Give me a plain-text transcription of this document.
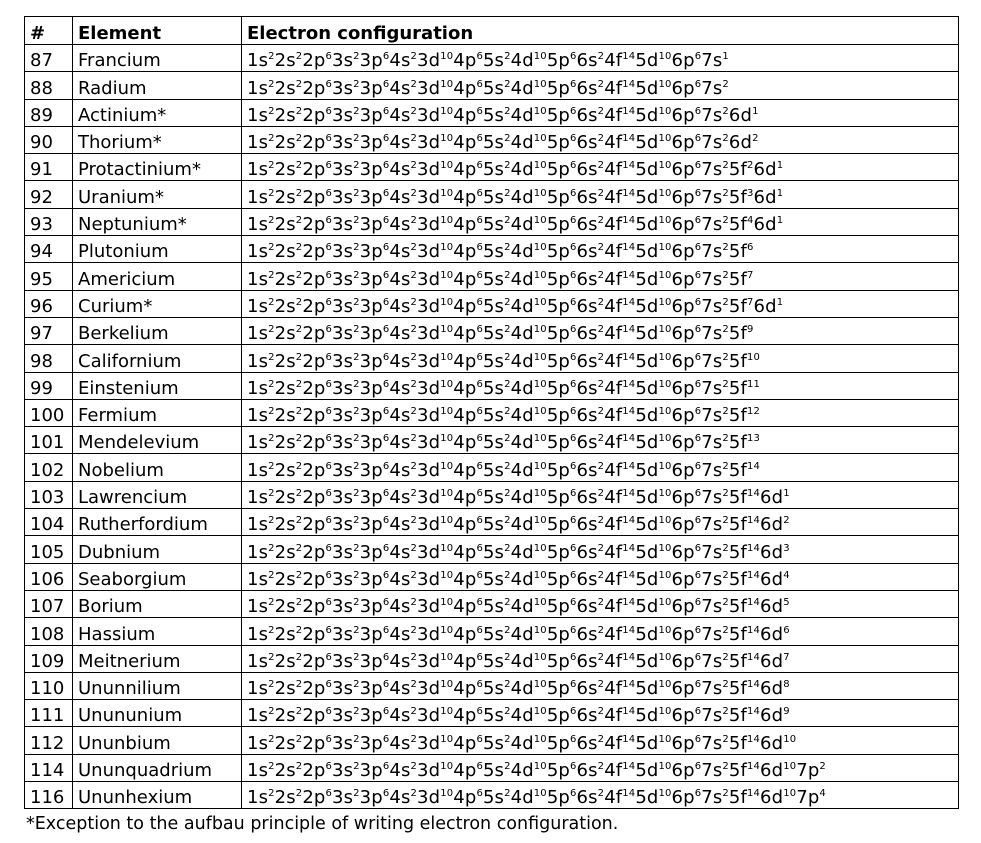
#	Element	Electron configuration
87	Francium	$1s^22s^22p^63s^23p^64s^23d^{10}4p^65s^24d^{10}5p^66s^24f^{14}5d^{10}6p^67s^1$
88	Radium	$1s^22s^22p^63s^23p^64s^23d^{10}4p^65s^24d^{10}5p^66s^24f^{14}5d^{10}6p^67s^2$
89	Actinium*	$1s^22s^22p^63s^23p^64s^23d^{10}4p^65s^24d^{10}5p^66s^24f^{14}5d^{10}6p^67s^26d^1$
90	Thorium*	$1s^22s^22p^63s^23p^64s^23d^{10}4p^65s^24d^{10}5p^66s^24f^{14}5d^{10}6p^67s^26d^2$
91	Protactinium*	$1s^22s^22p^63s^23p^64s^23d^{10}4p^65s^24d^{10}5p^66s^24f^{14}5d^{10}6p^67s^25f^26d^1$
92	Uranium*	$1s^22s^22p^63s^23p^64s^23d^{10}4p^65s^24d^{10}5p^66s^24f^{14}5d^{10}6p^67s^25f^36d^1$
93	Neptunium*	$1s^22s^22p^63s^23p^64s^23d^{10}4p^65s^24d^{10}5p^66s^24f^{14}5d^{10}6p^67s^25f^46d^1$
94	Plutonium	$1s^22s^22p^63s^23p^64s^23d^{10}4p^65s^24d^{10}5p^66s^24f^{14}5d^{10}6p^67s^25f^6$
95	Americium	$1s^22s^22p^63s^23p^64s^23d^{10}4p^65s^24d^{10}5p^66s^24f^{14}5d^{10}6p^67s^25f^7$
96	Curium*	$1s^22s^22p^63s^23p^64s^23d^{10}4p^65s^24d^{10}5p^66s^24f^{14}5d^{10}6p^67s^25f^76d^1$
97	Berkelium	$1s^22s^22p^63s^23p^64s^23d^{10}4p^65s^24d^{10}5p^66s^24f^{14}5d^{10}6p^67s^25f^9$
98	Californium	$1s^22s^22p^63s^23p^64s^23d^{10}4p^65s^24d^{10}5p^66s^24f^{14}5d^{10}6p^67s^25f^{10}$
99	Einstenium	$1s^22s^22p^63s^23p^64s^23d^{10}4p^65s^24d^{10}5p^66s^24f^{14}5d^{10}6p^67s^25f^{11}$
100	Fermium	$1s^22s^22p^63s^23p^64s^23d^{10}4p^65s^24d^{10}5p^66s^24f^{14}5d^{10}6p^67s^25f^{12}$
101	Mendelevium	$1s^22s^22p^63s^23p^64s^23d^{10}4p^65s^24d^{10}5p^66s^24f^{14}5d^{10}6p^67s^25f^{13}$
102	Nobelium	$1s^22s^22p^63s^23p^64s^23d^{10}4p^65s^24d^{10}5p^66s^24f^{14}5d^{10}6p^67s^25f^{14}$
103	Lawrencium	$1s^22s^22p^63s^23p^64s^23d^{10}4p^65s^24d^{10}5p^66s^24f^{14}5d^{10}6p^67s^25f^{14}6d^1$
104	Rutherfordium	$1s^22s^22p^63s^23p^64s^23d^{10}4p^65s^24d^{10}5p^66s^24f^{14}5d^{10}6p^67s^25f^{14}6d^2$
105	Dubnium	$1s^22s^22p^63s^23p^64s^23d^{10}4p^65s^24d^{10}5p^66s^24f^{14}5d^{10}6p^67s^25f^{14}6d^3$
106	Seaborgium	$1s^22s^22p^63s^23p^64s^23d^{10}4p^65s^24d^{10}5p^66s^24f^{14}5d^{10}6p^67s^25f^{14}6d^4$
107	Borium	$1s^22s^22p^63s^23p^64s^23d^{10}4p^65s^24d^{10}5p^66s^24f^{14}5d^{10}6p^67s^25f^{14}6d^5$
108	Hassium	$1s^22s^22p^63s^23p^64s^23d^{10}4p^65s^24d^{10}5p^66s^24f^{14}5d^{10}6p^67s^25f^{14}6d^6$
109	Meitnerium	$1s^22s^22p^63s^23p^64s^23d^{10}4p^65s^24d^{10}5p^66s^24f^{14}5d^{10}6p^67s^25f^{14}6d^7$
110	Ununnilium	$1s^22s^22p^63s^23p^64s^23d^{10}4p^65s^24d^{10}5p^66s^24f^{14}5d^{10}6p^67s^25f^{14}6d^8$
111	Unununium	$1s^22s^22p^63s^23p^64s^23d^{10}4p^65s^24d^{10}5p^66s^24f^{14}5d^{10}6p^67s^25f^{14}6d^9$
112	Ununbium	$1s^22s^22p^63s^23p^64s^23d^{10}4p^65s^24d^{10}5p^66s^24f^{14}5d^{10}6p^67s^25f^{14}6d^{10}$
114	Ununquadrium	$1s^22s^22p^63s^23p^64s^23d^{10}4p^65s^24d^{10}5p^66s^24f^{14}5d^{10}6p^67s^25f^{14}6d^{10}7p^2$
116	Ununhexium	$1s^22s^22p^63s^23p^64s^23d^{10}4p^65s^24d^{10}5p^66s^24f^{14}5d^{10}6p^67s^25f^{14}6d^{10}7p^4$
*Exception to the aufbau principle of writing electron configuration.
